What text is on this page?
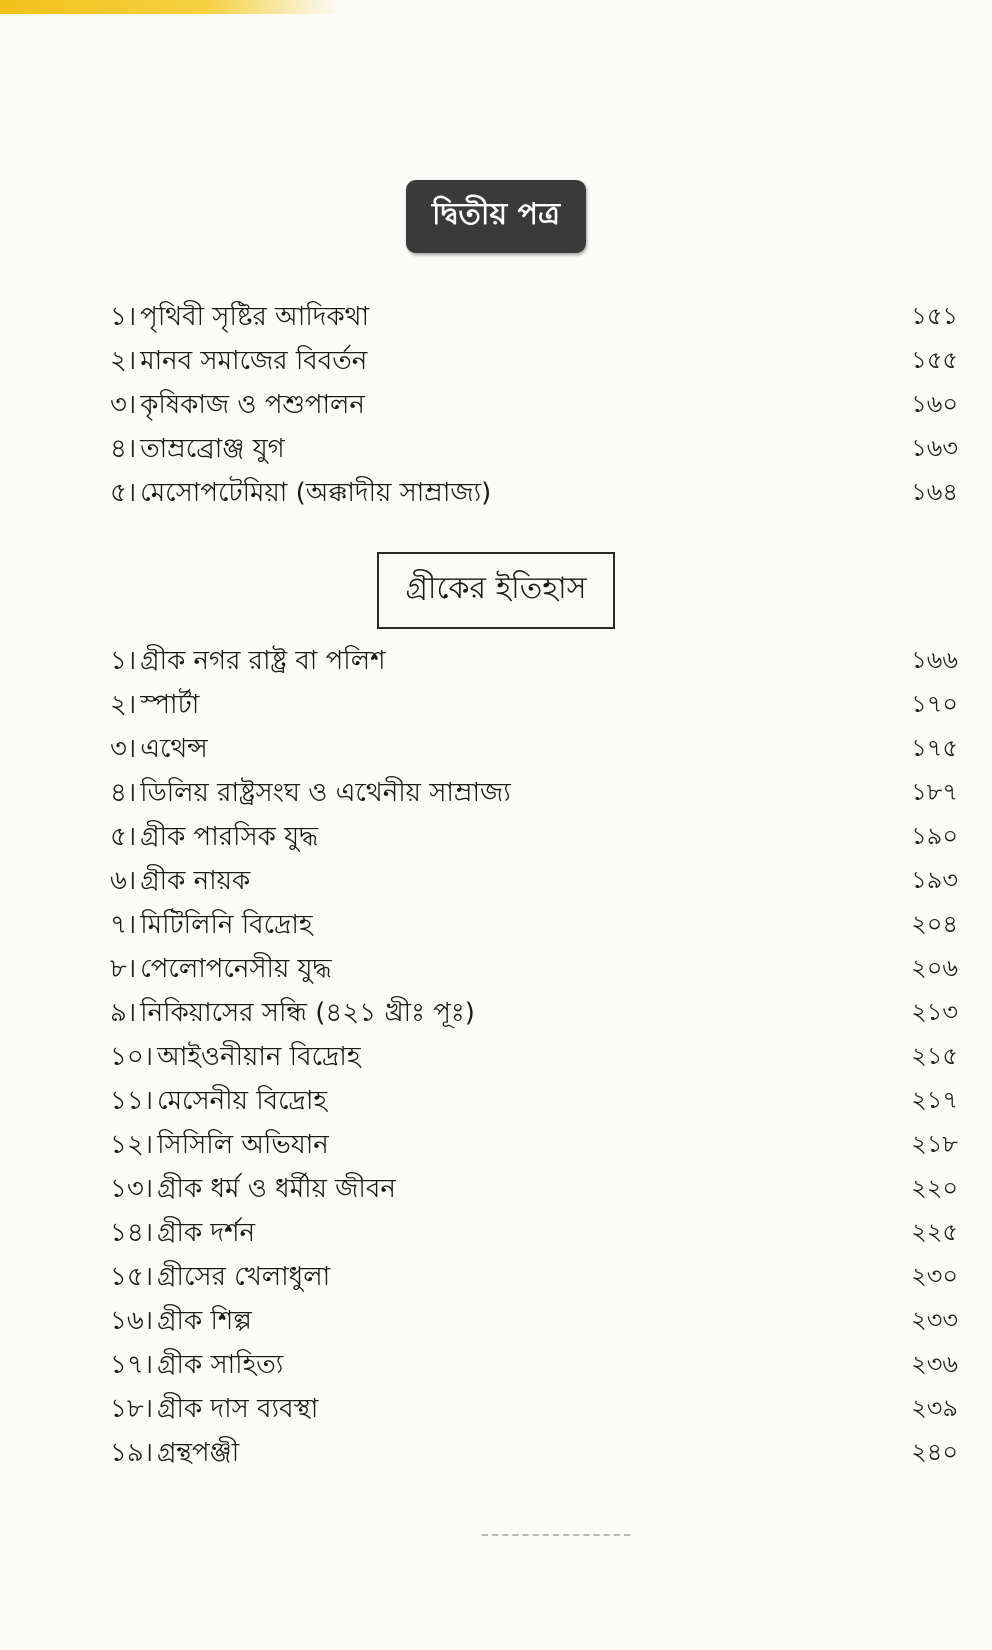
দ্বিতীয় পত্র
১। পৃথিবী সৃষ্টির আদিকথা	১৫১
২। মানব সমাজের বিবর্তন	১৫৫
৩। কৃষিকাজ ও পশুপালন	১৬০
৪। তাম্রব্রোঞ্জ যুগ	১৬৩
৫। মেসোপটেমিয়া (অক্কাদীয় সাম্রাজ্য)	১৬৪
গ্রীকের ইতিহাস
১। গ্রীক নগর রাষ্ট্র বা পলিশ	১৬৬
২। স্পার্টা	১৭০
৩। এথেন্স	১৭৫
৪। ডিলিয় রাষ্ট্রসংঘ ও এথেনীয় সাম্রাজ্য	১৮৭
৫। গ্রীক পারসিক যুদ্ধ	১৯০
৬। গ্রীক নায়ক	১৯৩
৭। মিটিলিনি বিদ্রোহ	২০৪
৮। পেলোপনেসীয় যুদ্ধ	২০৬
৯। নিকিয়াসের সন্ধি (৪২১ খ্রীঃ পূঃ)	২১৩
১০। আইওনীয়ান বিদ্রোহ	২১৫
১১। মেসেনীয় বিদ্রোহ	২১৭
১২। সিসিলি অভিযান	২১৮
১৩। গ্রীক ধর্ম ও ধর্মীয় জীবন	২২০
১৪। গ্রীক দর্শন	২২৫
১৫। গ্রীসের খেলাধুলা	২৩০
১৬। গ্রীক শিল্প	২৩৩
১৭। গ্রীক সাহিত্য	২৩৬
১৮। গ্রীক দাস ব্যবস্থা	২৩৯
১৯। গ্রন্থপঞ্জী	২৪০
